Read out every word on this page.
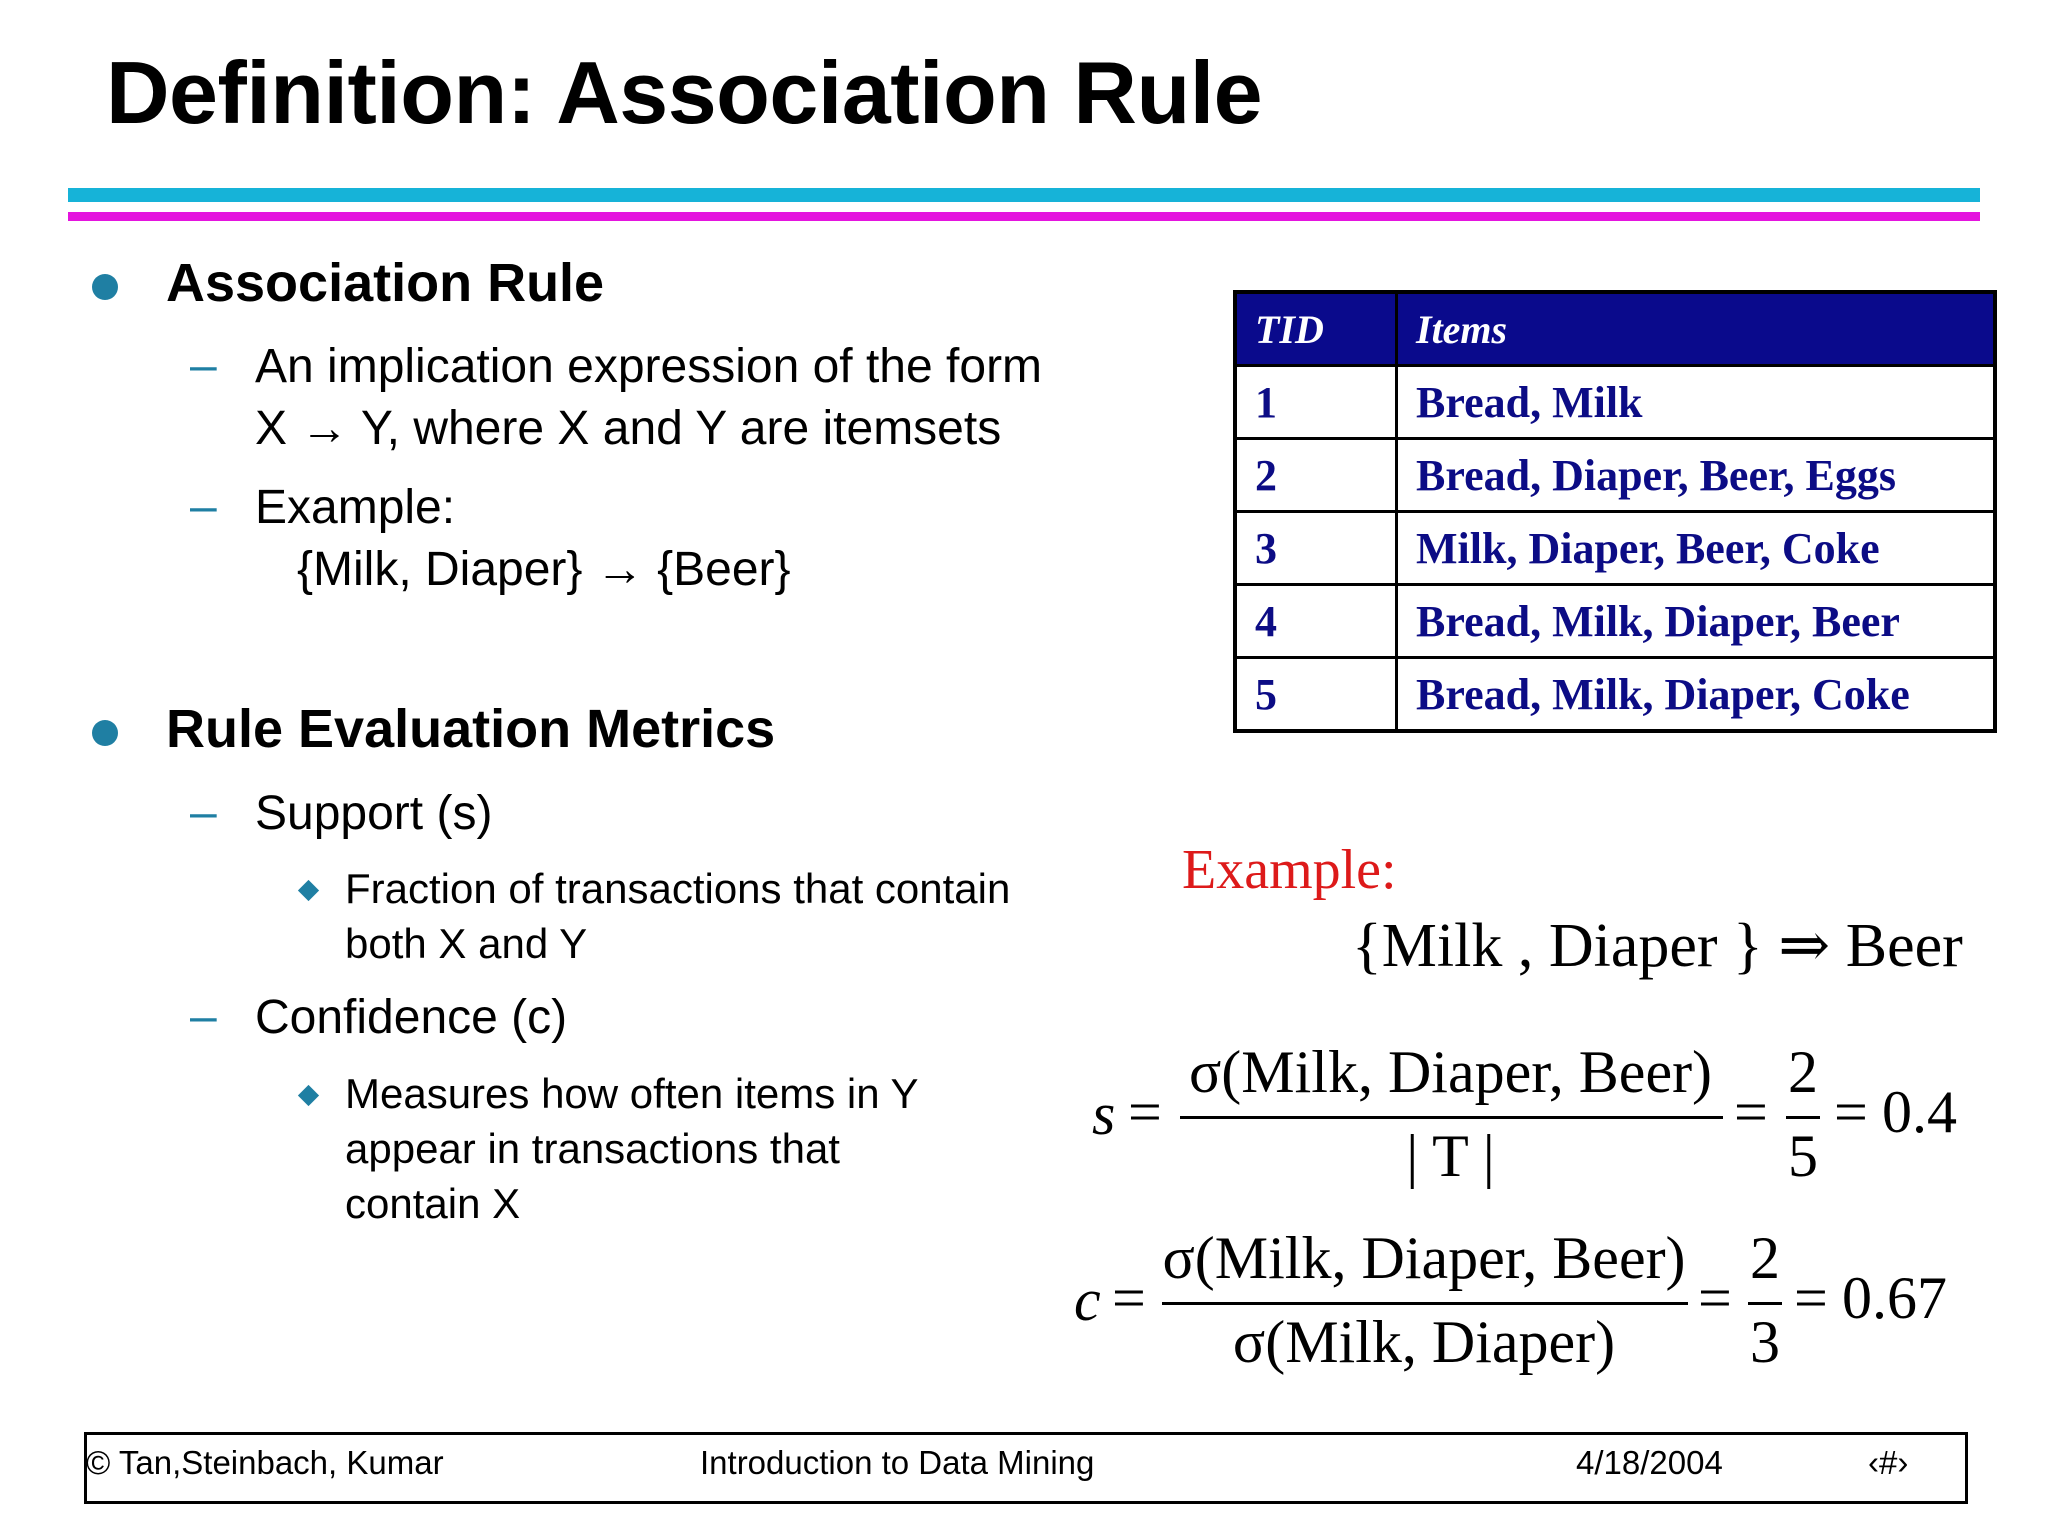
Definition: Association Rule
Association Rule
– An implication expression of the form
X → Y, where X and Y are itemsets
– Example:
{Milk, Diaper} → {Beer}
Rule Evaluation Metrics
– Support (s)
Fraction of transactions that contain
both X and Y
– Confidence (c)
Measures how often items in Y
appear in transactions that
contain X
TID	Items
1	Bread, Milk
2	Bread, Diaper, Beer, Eggs
3	Milk, Diaper, Beer, Coke
4	Bread, Milk, Diaper, Beer
5	Bread, Milk, Diaper, Coke
Example:
{Milk , Diaper } ⇒ Beer
s =
σ(Milk, Diaper, Beer)
| T |
=
2
5
= 0.4
c =
σ(Milk, Diaper, Beer)
σ(Milk, Diaper)
=
2
3
= 0.67
© Tan,Steinbach, Kumar	Introduction to Data Mining	4/18/2004	‹#›
